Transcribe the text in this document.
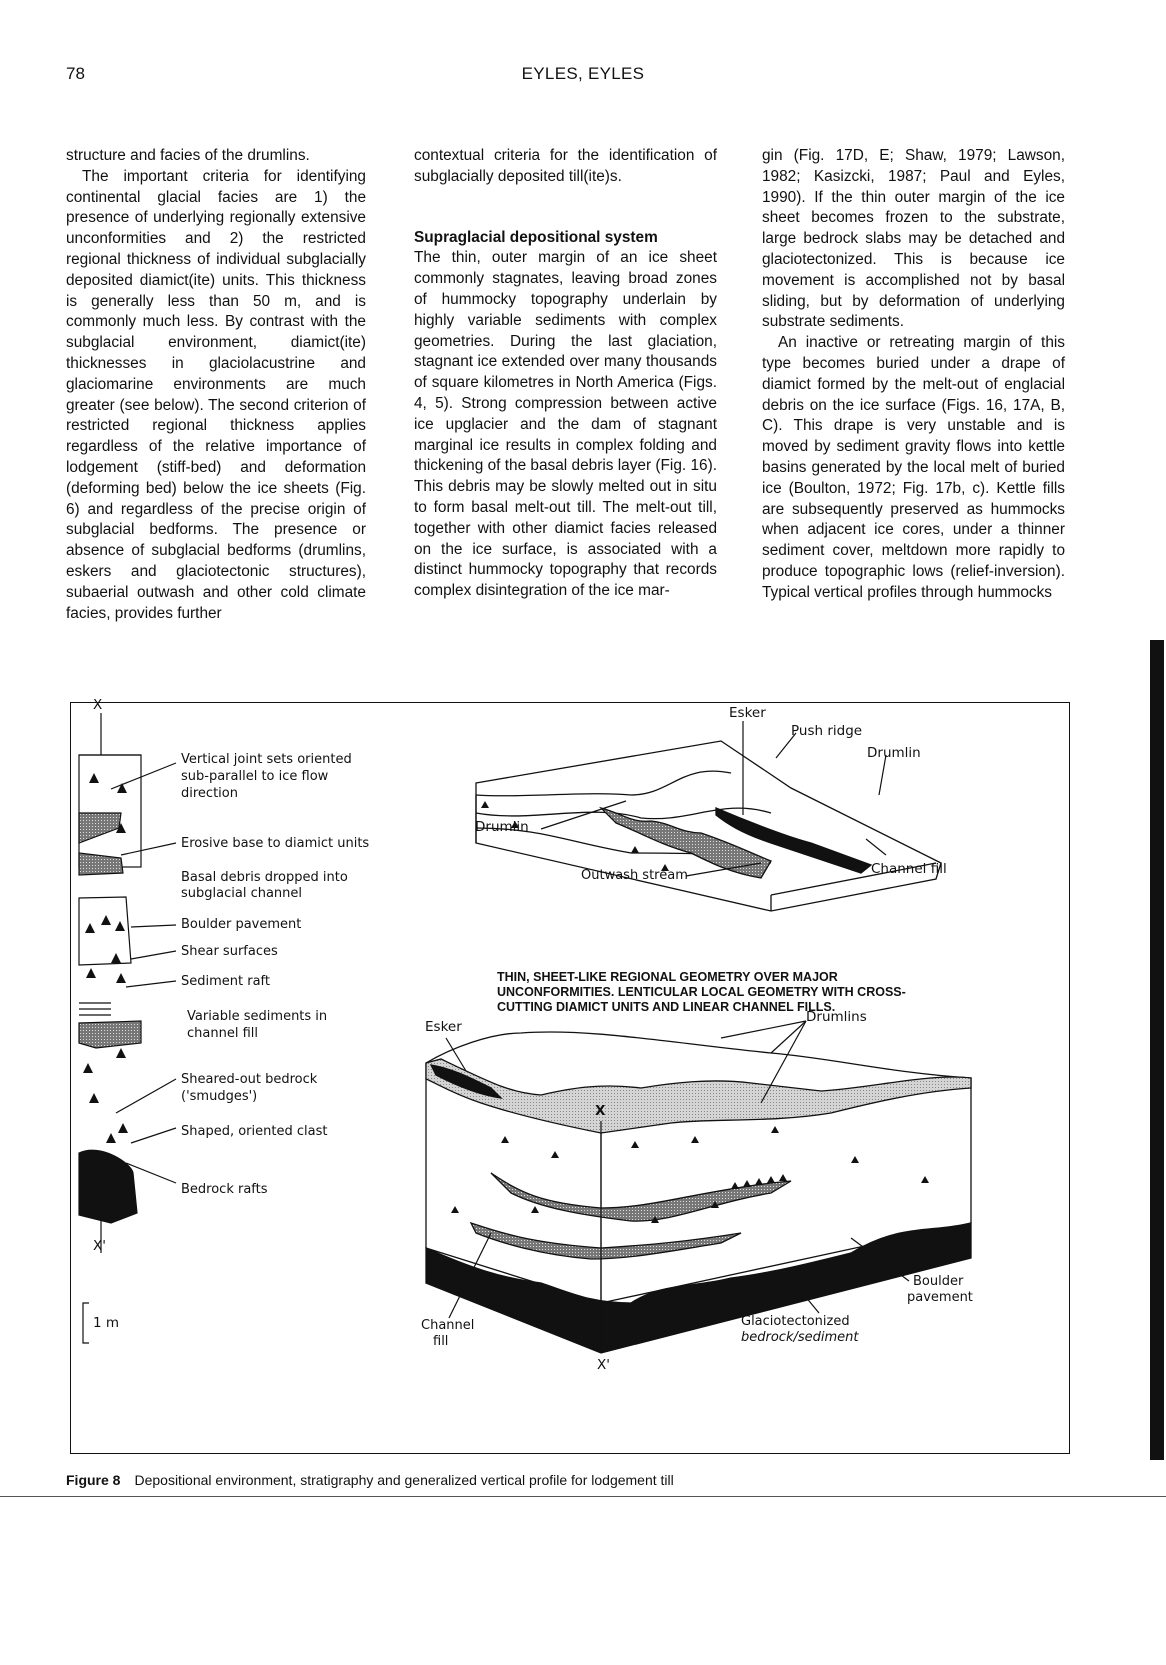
78	EYLES, EYLES

structure and facies of the drumlins.

The important criteria for identifying continental glacial facies are 1) the presence of underlying regionally extensive unconformities and 2) the restricted regional thickness of individual subglacially deposited diamict(ite) units. This thickness is generally less than 50 m, and is commonly much less. By contrast with the subglacial environment, diamict(ite) thicknesses in glaciolacustrine and glaciomarine environments are much greater (see below). The second criterion of restricted regional thickness applies regardless of the relative importance of lodgement (stiff-bed) and deformation (deforming bed) below the ice sheets (Fig. 6) and regardless of the precise origin of subglacial bedforms. The presence or absence of subglacial bedforms (drumlins, eskers and glaciotectonic structures), subaerial outwash and other cold climate facies, provides further

contextual criteria for the identification of subglacially deposited till(ite)s.

Supraglacial depositional system

The thin, outer margin of an ice sheet commonly stagnates, leaving broad zones of hummocky topography underlain by highly variable sediments with complex geometries. During the last glaciation, stagnant ice extended over many thousands of square kilometres in North America (Figs. 4, 5). Strong compression between active ice upglacier and the dam of stagnant marginal ice results in complex folding and thickening of the basal debris layer (Fig. 16). This debris may be slowly melted out in situ to form basal melt-out till. The melt-out till, together with other diamict facies released on the ice surface, is associated with a distinct hummocky topography that records complex disintegration of the ice mar-

gin (Fig. 17D, E; Shaw, 1979; Lawson, 1982; Kasizcki, 1987; Paul and Eyles, 1990). If the thin outer margin of the ice sheet becomes frozen to the substrate, large bedrock slabs may be detached and glaciotectonized. This is because ice movement is accomplished not by basal sliding, but by deformation of underlying substrate sediments.

An inactive or retreating margin of this type becomes buried under a drape of diamict formed by the melt-out of englacial debris on the ice surface (Figs. 16, 17A, B, C). This drape is very unstable and is moved by sediment gravity flows into kettle basins generated by the local melt of buried ice (Boulton, 1972; Fig. 17b, c). Kettle fills are subsequently preserved as hummocks when adjacent ice cores, under a thinner sediment cover, meltdown more rapidly to produce topographic lows (relief-inversion). Typical vertical profiles through hummocks

X
X'
1 m
Vertical joint sets oriented
sub-parallel to ice flow
direction
Erosive base to diamict units
Basal debris dropped into
subglacial channel
Boulder pavement
Shear surfaces
Sediment raft
Variable sediments in
channel fill
Sheared-out bedrock
('smudges')
Shaped, oriented clast
Bedrock rafts
Esker
Push ridge
Drumlin
Drumlin
Outwash stream	Channel fill
THIN, SHEET-LIKE REGIONAL GEOMETRY OVER MAJOR UNCONFORMITIES. LENTICULAR LOCAL GEOMETRY WITH CROSS-CUTTING DIAMICT UNITS AND LINEAR CHANNEL FILLS.
Esker
Drumlins
X
X'
Channel
fill
Glaciotectonized
bedrock/sediment
Boulder
pavement
Figure 8 Depositional environment, stratigraphy and generalized vertical profile for lodgement till
